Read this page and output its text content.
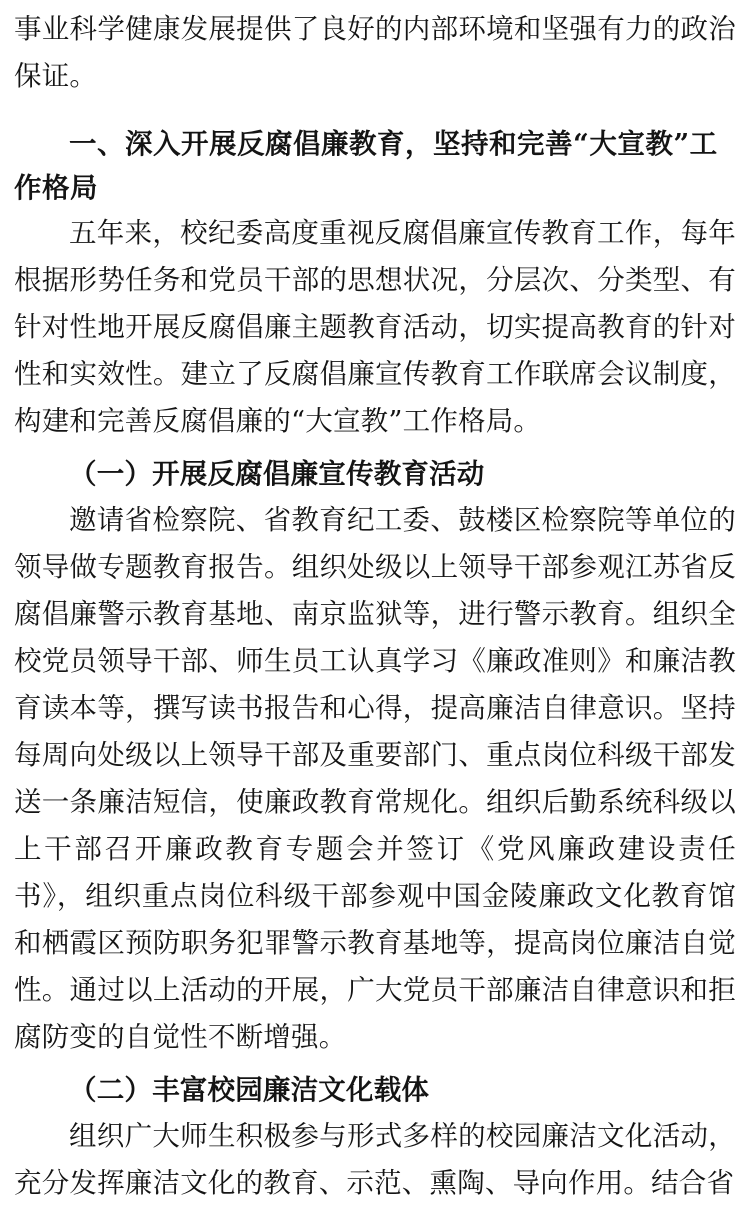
事业科学健康发展提供了良好的内部环境和坚强有力的政治保证。

一、深入开展反腐倡廉教育，坚持和完善“大宣教”工作格局

五年来，校纪委高度重视反腐倡廉宣传教育工作，每年根据形势任务和党员干部的思想状况，分层次、分类型、有针对性地开展反腐倡廉主题教育活动，切实提高教育的针对性和实效性。建立了反腐倡廉宣传教育工作联席会议制度，构建和完善反腐倡廉的“大宣教”工作格局。

（一）开展反腐倡廉宣传教育活动

邀请省检察院、省教育纪工委、鼓楼区检察院等单位的领导做专题教育报告。组织处级以上领导干部参观江苏省反腐倡廉警示教育基地、南京监狱等，进行警示教育。组织全校党员领导干部、师生员工认真学习《廉政准则》和廉洁教育读本等，撰写读书报告和心得，提高廉洁自律意识。坚持每周向处级以上领导干部及重要部门、重点岗位科级干部发送一条廉洁短信，使廉政教育常规化。组织后勤系统科级以上干部召开廉政教育专题会并签订《党风廉政建设责任书》，组织重点岗位科级干部参观中国金陵廉政文化教育馆和栖霞区预防职务犯罪警示教育基地等，提高岗位廉洁自觉性。通过以上活动的开展，广大党员干部廉洁自律意识和拒腐防变的自觉性不断增强。

（二）丰富校园廉洁文化载体

组织广大师生积极参与形式多样的校园廉洁文化活动，充分发挥廉洁文化的教育、示范、熏陶、导向作用。结合省
